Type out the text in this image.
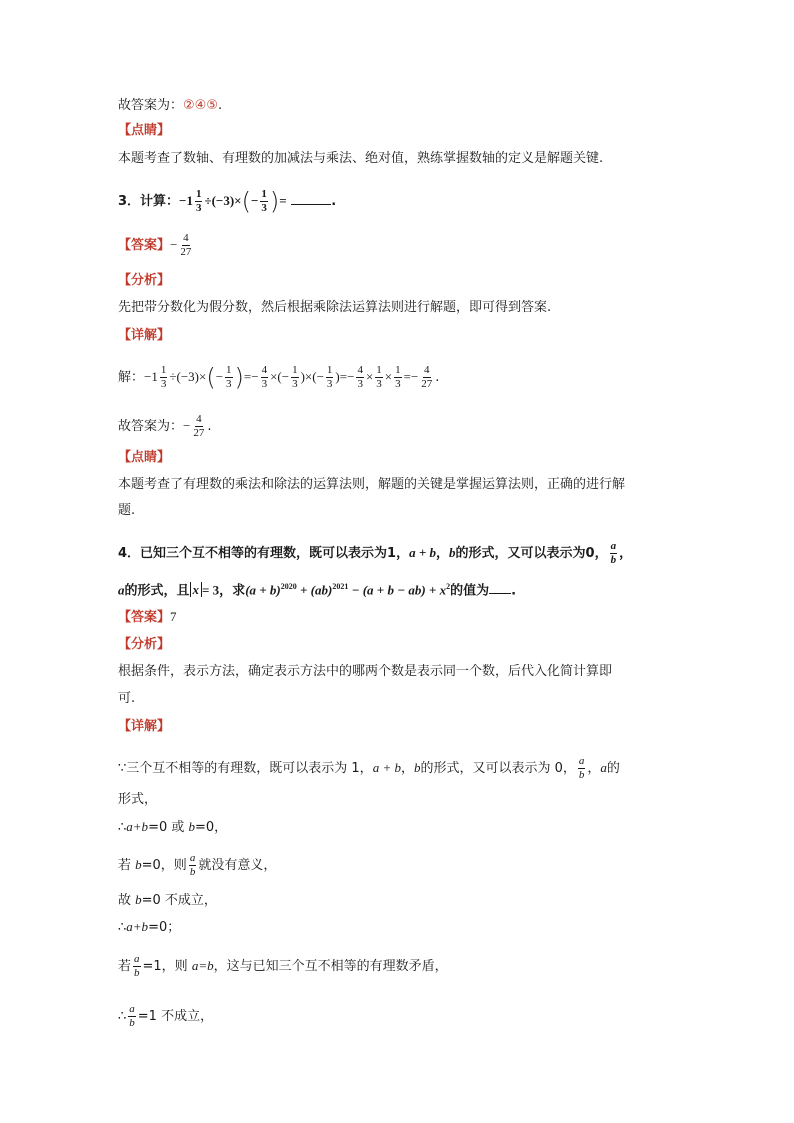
故答案为：②④⑤.
【点睛】
本题考查了数轴、有理数的加减法与乘法、绝对值，熟练掌握数轴的定义是解题关键.
3．计算：$-1 \frac{1}{3} \div(-3)\times(- \frac{1}{3}$ )=	.
【答案】− $\frac{4}{27}$
【分析】
先把带分数化为假分数，然后根据乘除法运算法则进行解题，即可得到答案.
【详解】
解：$-1 \frac{1}{3} \div(-3)\times(- \frac{1}{3}$ )=− $\frac{4}{3}$ ×(− $\frac{1}{3}$ )×(− $\frac{1}{3}$ )=− $\frac{4}{3} \times \frac{1}{3} \times \frac{1}{3} =- \frac{4}{27}$ .
故答案为：− $\frac{4}{27}$ .
【点睛】
本题考查了有理数的乘法和除法的运算法则，解题的关键是掌握运算法则，正确的进行解
题.
4．已知三个互不相等的有理数，既可以表示为1，a + b，b的形式，又可以表示为0， $\frac{a}{b}$ ，
a的形式，且 x = 3，求$(a + b)^{2020} + (ab)^{2021} - (a + b - ab) + x^2$的值为 .
【答案】7
【分析】
根据条件，表示方法，确定表示方法中的哪两个数是表示同一个数，后代入化简计算即
可.
【详解】
∵三个互不相等的有理数，既可以表示为 1，a + b，b的形式，又可以表示为 0， $\frac{a}{b}$ ，a的
形式，
∴a+b=0 或 b=0，
若 b=0，则 $\frac{a}{b}$ 就没有意义，
故 b=0 不成立，
∴a+b=0；
若 $\frac{a}{b} =1$，则 a=b，这与已知三个互不相等的有理数矛盾，
∴ $\frac{a}{b} =1$ 不成立，
